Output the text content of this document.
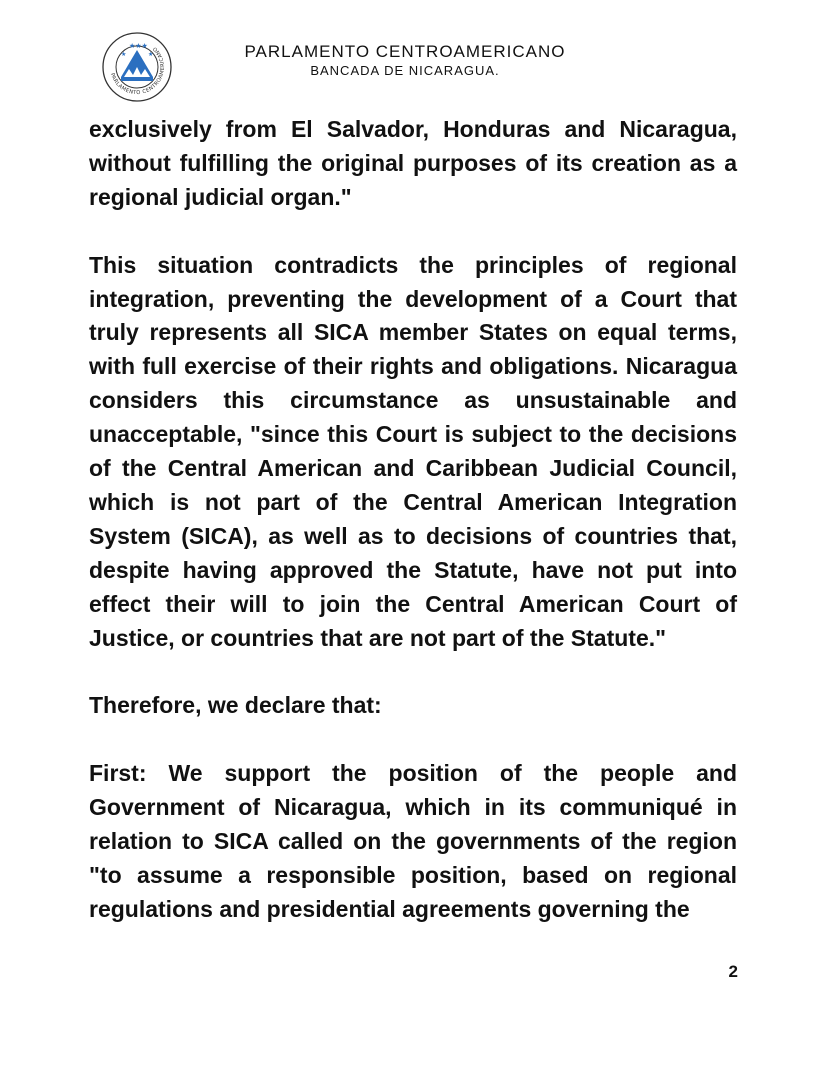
★★★
★	★
PARLAMENTO CENTROAMERICANO	PARLAMENTO CENTROAMERICANO
BANCADA DE NICARAGUA.

exclusively from El Salvador, Honduras and Nicaragua, without fulfilling the original purposes of its creation as a regional judicial organ."

This situation contradicts the principles of regional integration, preventing the development of a Court that truly represents all SICA member States on equal terms, with full exercise of their rights and obligations. Nicaragua considers this circumstance as unsustainable and unacceptable, "since this Court is subject to the decisions of the Central American and Caribbean Judicial Council, which is not part of the Central American Integration System (SICA), as well as to decisions of countries that, despite having approved the Statute, have not put into effect their will to join the Central American Court of Justice, or countries that are not part of the Statute."

Therefore, we declare that:

First: We support the position of the people and Government of Nicaragua, which in its communiqué in relation to SICA called on the governments of the region "to assume a responsible position, based on regional regulations and presidential agreements governing the

2
